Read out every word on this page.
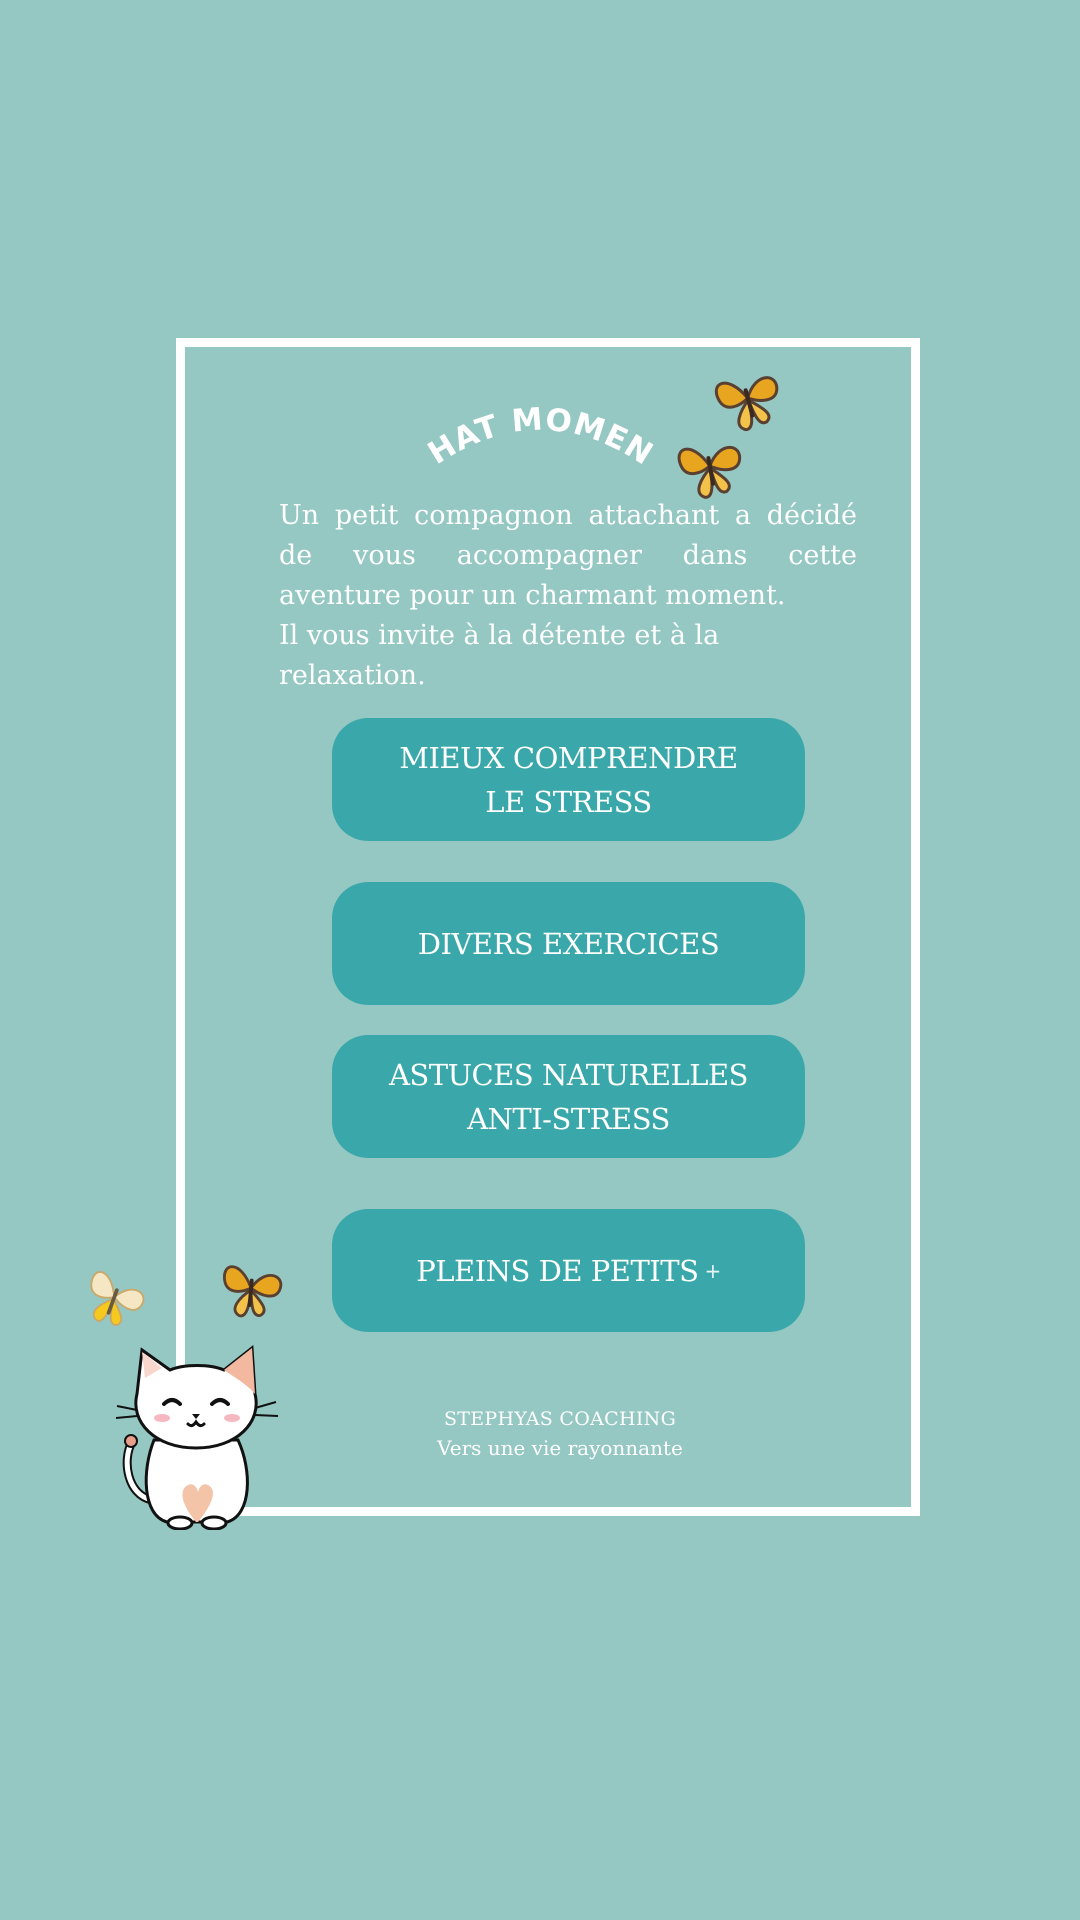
CHAT MOMENT

Un petit compagnon attachant a décidé de vous accompagner dans cette aventure pour un charmant moment.

Il vous invite à la détente et à la relaxation.

MIEUX COMPRENDRE
LE STRESS
DIVERS EXERCICES
ASTUCES NATURELLES
ANTI-STRESS
PLEINS DE PETITS +
STEPHYAS COACHING
Vers une vie rayonnante
